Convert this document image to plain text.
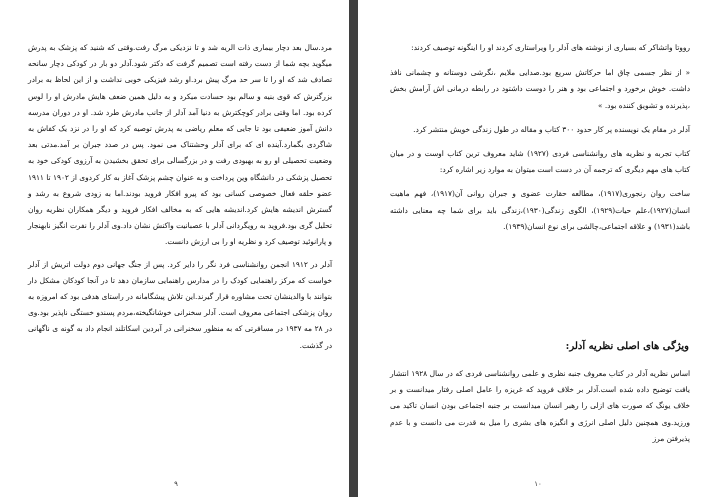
مرد.سال بعد دچار بیماری ذات الریه شد و تا نزدیکی مرگ رفت.وقتی که شنید که پزشک به پدرش میگوید بچه شما از دست رفته است تصمیم گرفت که دکتر شود.آدلر دو بار در کودکی دچار سانحه تصادف شد که او را تا سر حد مرگ پیش برد.او رشد فیزیکی خوبی نداشت و از این لحاظ به برادر بزرگترش که قوی بنیه و سالم بود حسادت میکرد و به دلیل همین ضعف هایش مادرش او را لوس کرده بود. اما وقتی برادر کوچکترش به دنیا آمد آدلر از جانب مادرش طرد شد. او در دوران مدرسه دانش آموز ضعیفی بود تا جایی که معلم ریاضی به پدرش توصیه کرد که او را در نزد یک کفاش به شاگردی بگمارد.آینده ای که برای آدلر وحشتناک می نمود. پس در صدد جبران بر آمد.مدتی بعد وضعیت تحصیلی او رو به بهبودی رفت و در بزرگسالی برای تحقق بخشیدن به آرزوی کودکی خود به تحصیل پزشکی در دانشگاه وین پرداخت و به عنوان چشم پزشک آغاز به کار کردوی از ۱۹۰۲ تا ۱۹۱۱ عضو حلقه فعال خصوصی کسانی بود که پیرو افکار فروید بودند.اما به زودی شروع به رشد و گسترش اندیشه هایش کرد.اندیشه هایی که به مخالف افکار فروید و دیگر همکاران نظریه روان تحلیل گری بود.فروید به رویگردانی آدلر با عصبانیت واکنش نشان داد.وی آدلر را نفرت انگیز نابهنجار و پارانوئید توصیف کرد و نظریه او را بی ارزش دانست.

آدلر در ۱۹۱۲ انجمن روانشناسی فرد نگر را دایر کرد. پس از جنگ جهانی دوم دولت اتریش از آدلر خواست که مرکز راهنمایی کودک را در مدارس راهنمایی سازمان دهد تا در آنجا کودکان مشکل دار بتوانند با والدینشان تحت مشاوره قرار گیرند.این تلاش پیشگامانه در راستای هدفی بود که امروزه به روان پزشکی اجتماعی معروف است. آدلر سخنرانی خوشانگیخته،مردم پسندو خستگی ناپذیر بود.وی در ۲۸ مه ۱۹۳۷ در مسافرتی که به منظور سخنرانی در آبردین اسکاتلند انجام داد به گونه ی ناگهانی در گذشت.

۹

رووتا واتشاکر که بسیاری از نوشته های آدلر را ویراستاری کردند او را اینگونه توصیف کردند:

« از نظر جسمی چاق اما حرکاتش سریع بود.صدایی ملایم ،نگرشی دوستانه و چشمانی نافذ داشت. خوش برخورد و اجتماعی بود و هنر را دوست داشتود در رابطه درمانی اش آرامش بخش ،پذیرنده و تشویق کننده بود. »

آدلر در مقام یک نویسنده پر کار حدود ۳۰۰ کتاب و مقاله در طول زندگی خویش منتشر کرد.

کتاب تجربه و نظریه های روانشناسی فردی (۱۹۲۷) شاید معروف ترین کتاب اوست و در میان کتاب های مهم دیگری که ترجمه آن در دست است میتوان به موارد زیر اشاره کرد:

ساخت روان رنجوری(۱۹۱۷)، مطالعه حقارت عضوی و جبران روانی آن(۱۹۱۷)، فهم ماهیت انسان(۱۹۲۷)،علم حیات(۱۹۲۹)، الگوی زندگی(۱۹۳۰)،زندگی باید برای شما چه معنایی داشته باشد(۱۹۳۱) و علاقه اجتماعی،چالشی برای نوع انسان(۱۹۳۹).

ویژگی های اصلی نظریه آدلر:

اساس نظریه آدلر در کتاب معروف جنبه نظری و علمی روانشناسی فردی که در سال ۱۹۲۸ انتشار یافت توضیح داده شده است.آدلر بر خلاف فروید که غریزه را عامل اصلی رفتار میدانست و بر خلاف یونگ که صورت های ازلی را رهبر انسان میدانست بر جنبه اجتماعی بودن انسان تاکید می ورزید.وی همچنین دلیل اصلی انرژی و انگیزه های بشری را میل به قدرت می دانست و با عدم پذیرفتن مرز

۱۰
